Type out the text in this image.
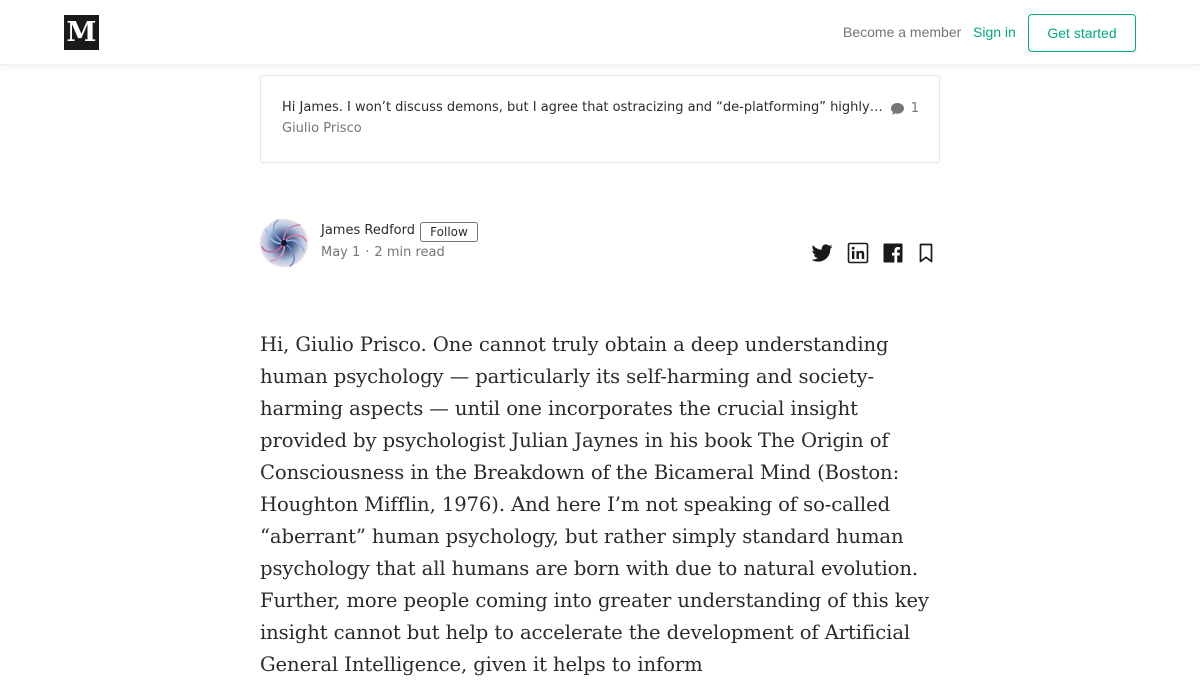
M	Become a member Sign in Get started
Hi James. I won’t discuss demons, but I agree that ostracizing and “de-platforming” highly…
Giulio Prisco
1
James Redford Follow
May 1 · 2 min read

Hi, Giulio Prisco. One cannot truly obtain a deep understanding human psychology — particularly its self-harming and society-harming aspects — until one incorporates the crucial insight provided by psychologist Julian Jaynes in his book The Origin of Consciousness in the Breakdown of the Bicameral Mind (Boston: Houghton Mifflin, 1976). And here I’m not speaking of so-called “aberrant” human psychology, but rather simply standard human psychology that all humans are born with due to natural evolution. Further, more people coming into greater understanding of this key insight cannot but help to accelerate the development of Artificial General Intelligence, given it helps to inform
